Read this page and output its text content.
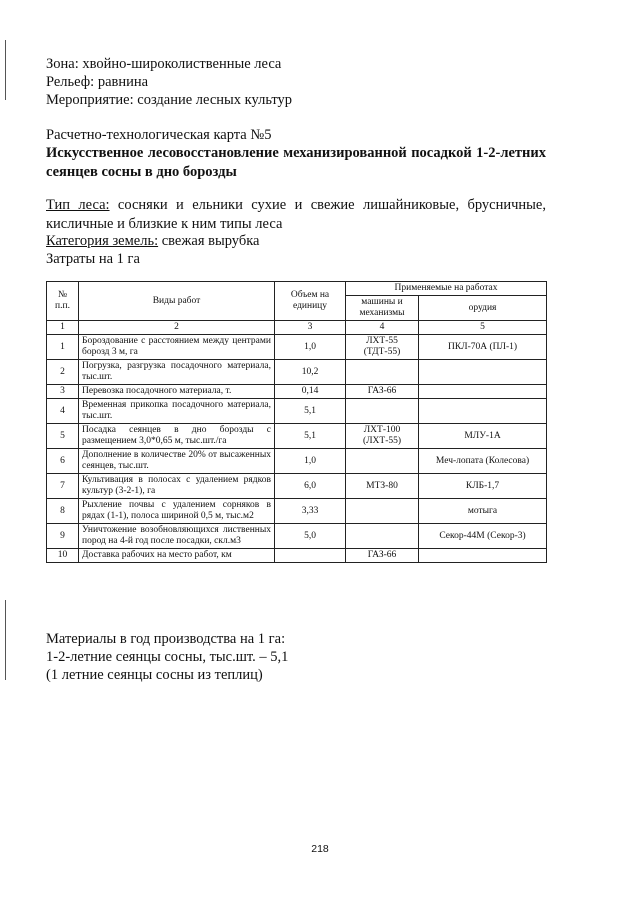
Зона: хвойно-широколиственные леса
Рельеф: равнина
Мероприятие: создание лесных культур
Расчетно-технологическая карта №5
Искусственное лесовосстановление механизированной посадкой 1-2-летних сеянцев сосны в дно борозды
Тип леса: сосняки и ельники сухие и свежие лишайниковые, брусничные, кисличные и близкие к ним типы леса
Категория земель: свежая вырубка
Затраты на 1 га
№ п.п.	Виды работ	Объем на единицу	Применяемые на работах	
			машины и механизмы	орудия
1	2	3	4	5
1	Бороздование с расстоянием между центрами борозд 3 м, га	1,0	ЛХТ-55 (ТДТ-55)	ПКЛ-70А (ПЛ-1)
2	Погрузка, разгрузка посадочного материала, тыс.шт.	10,2		
3	Перевозка посадочного материала, т.	0,14	ГАЗ-66	
4	Временная прикопка посадочного материала, тыс.шт.	5,1		
5	Посадка сеянцев в дно борозды с размещением 3,0*0,65 м, тыс.шт./га	5,1	ЛХТ-100 (ЛХТ-55)	МЛУ-1А
6	Дополнение в количестве 20% от высаженных сеянцев, тыс.шт.	1,0		Меч-лопата (Колесова)
7	Культивация в полосах с удалением рядков культур (3-2-1), га	6,0	МТЗ-80	КЛБ-1,7
8	Рыхление почвы с удалением сорняков в рядах (1-1), полоса шириной 0,5 м, тыс.м2	3,33		мотыга
9	Уничтожение возобновляющихся лиственных пород на 4-й год после посадки, скл.м3	5,0		Секор-44М (Секор-3)
10	Доставка рабочих на место работ, км		ГАЗ-66	
Материалы в год производства на 1 га:
1-2-летние сеянцы сосны, тыс.шт. – 5,1
(1 летние сеянцы сосны из теплиц)
218
